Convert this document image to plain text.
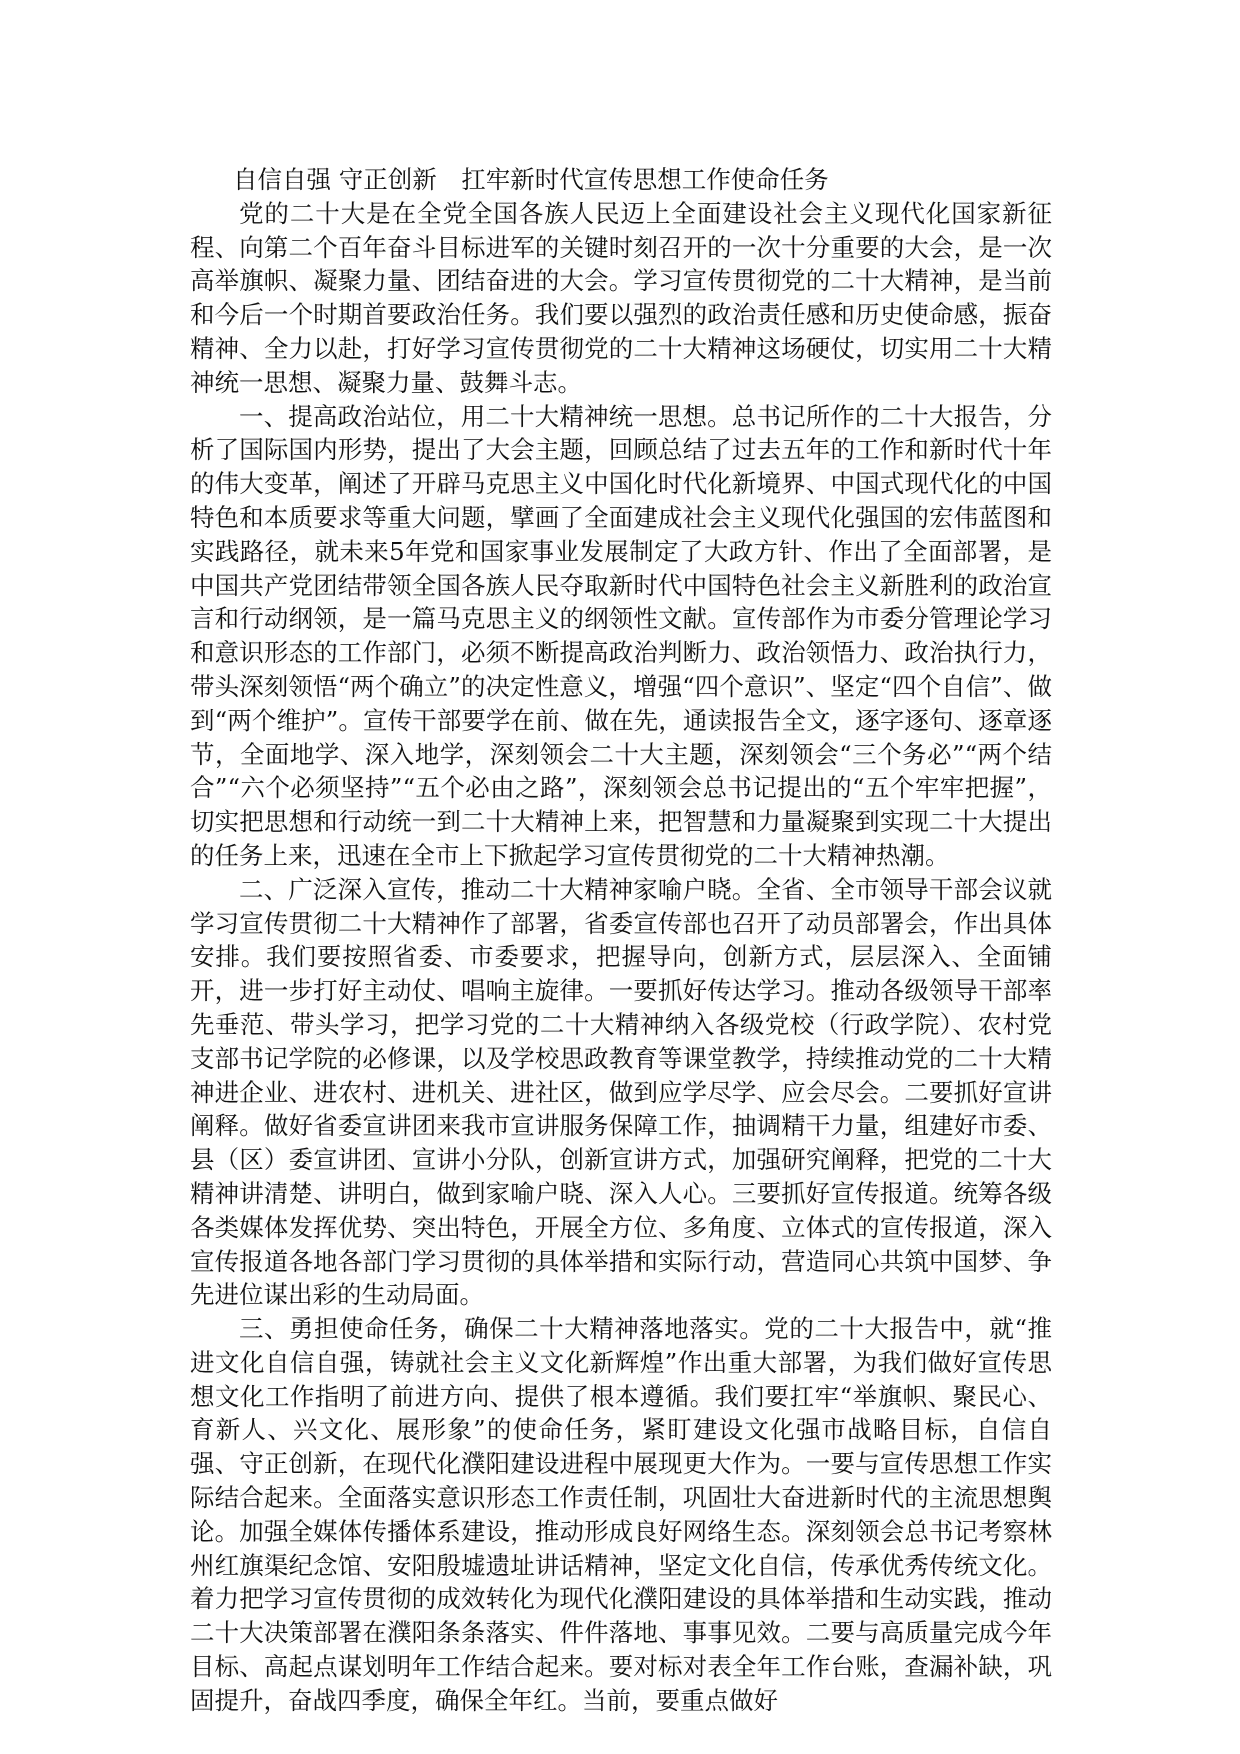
自信自强 守正创新　扛牢新时代宣传思想工作使命任务

党的二十大是在全党全国各族人民迈上全面建设社会主义现代化国家新征程、向第二个百年奋斗目标进军的关键时刻召开的一次十分重要的大会，是一次高举旗帜、凝聚力量、团结奋进的大会。学习宣传贯彻党的二十大精神，是当前和今后一个时期首要政治任务。我们要以强烈的政治责任感和历史使命感，振奋精神、全力以赴，打好学习宣传贯彻党的二十大精神这场硬仗，切实用二十大精神统一思想、凝聚力量、鼓舞斗志。

一、提高政治站位，用二十大精神统一思想。总书记所作的二十大报告，分析了国际国内形势，提出了大会主题，回顾总结了过去五年的工作和新时代十年的伟大变革，阐述了开辟马克思主义中国化时代化新境界、中国式现代化的中国特色和本质要求等重大问题，擘画了全面建成社会主义现代化强国的宏伟蓝图和实践路径，就未来5年党和国家事业发展制定了大政方针、作出了全面部署，是中国共产党团结带领全国各族人民夺取新时代中国特色社会主义新胜利的政治宣言和行动纲领，是一篇马克思主义的纲领性文献。宣传部作为市委分管理论学习和意识形态的工作部门，必须不断提高政治判断力、政治领悟力、政治执行力，带头深刻领悟“两个确立”的决定性意义，增强“四个意识”、坚定“四个自信”、做到“两个维护”。宣传干部要学在前、做在先，通读报告全文，逐字逐句、逐章逐节，全面地学、深入地学，深刻领会二十大主题，深刻领会“三个务必”“两个结合”“六个必须坚持”“五个必由之路”，深刻领会总书记提出的“五个牢牢把握”，切实把思想和行动统一到二十大精神上来，把智慧和力量凝聚到实现二十大提出的任务上来，迅速在全市上下掀起学习宣传贯彻党的二十大精神热潮。

二、广泛深入宣传，推动二十大精神家喻户晓。全省、全市领导干部会议就学习宣传贯彻二十大精神作了部署，省委宣传部也召开了动员部署会，作出具体安排。我们要按照省委、市委要求，把握导向，创新方式，层层深入、全面铺开，进一步打好主动仗、唱响主旋律。一要抓好传达学习。推动各级领导干部率先垂范、带头学习，把学习党的二十大精神纳入各级党校（行政学院）、农村党支部书记学院的必修课，以及学校思政教育等课堂教学，持续推动党的二十大精神进企业、进农村、进机关、进社区，做到应学尽学、应会尽会。二要抓好宣讲阐释。做好省委宣讲团来我市宣讲服务保障工作，抽调精干力量，组建好市委、县（区）委宣讲团、宣讲小分队，创新宣讲方式，加强研究阐释，把党的二十大精神讲清楚、讲明白，做到家喻户晓、深入人心。三要抓好宣传报道。统筹各级各类媒体发挥优势、突出特色，开展全方位、多角度、立体式的宣传报道，深入宣传报道各地各部门学习贯彻的具体举措和实际行动，营造同心共筑中国梦、争先进位谋出彩的生动局面。

三、勇担使命任务，确保二十大精神落地落实。党的二十大报告中，就“推进文化自信自强，铸就社会主义文化新辉煌”作出重大部署，为我们做好宣传思想文化工作指明了前进方向、提供了根本遵循。我们要扛牢“举旗帜、聚民心、育新人、兴文化、展形象”的使命任务，紧盯建设文化强市战略目标，自信自强、守正创新，在现代化濮阳建设进程中展现更大作为。一要与宣传思想工作实际结合起来。全面落实意识形态工作责任制，巩固壮大奋进新时代的主流思想舆论。加强全媒体传播体系建设，推动形成良好网络生态。深刻领会总书记考察林州红旗渠纪念馆、安阳殷墟遗址讲话精神，坚定文化自信，传承优秀传统文化。着力把学习宣传贯彻的成效转化为现代化濮阳建设的具体举措和生动实践，推动二十大决策部署在濮阳条条落实、件件落地、事事见效。二要与高质量完成今年目标、高起点谋划明年工作结合起来。要对标对表全年工作台账，查漏补缺，巩固提升，奋战四季度，确保全年红。当前，要重点做好
